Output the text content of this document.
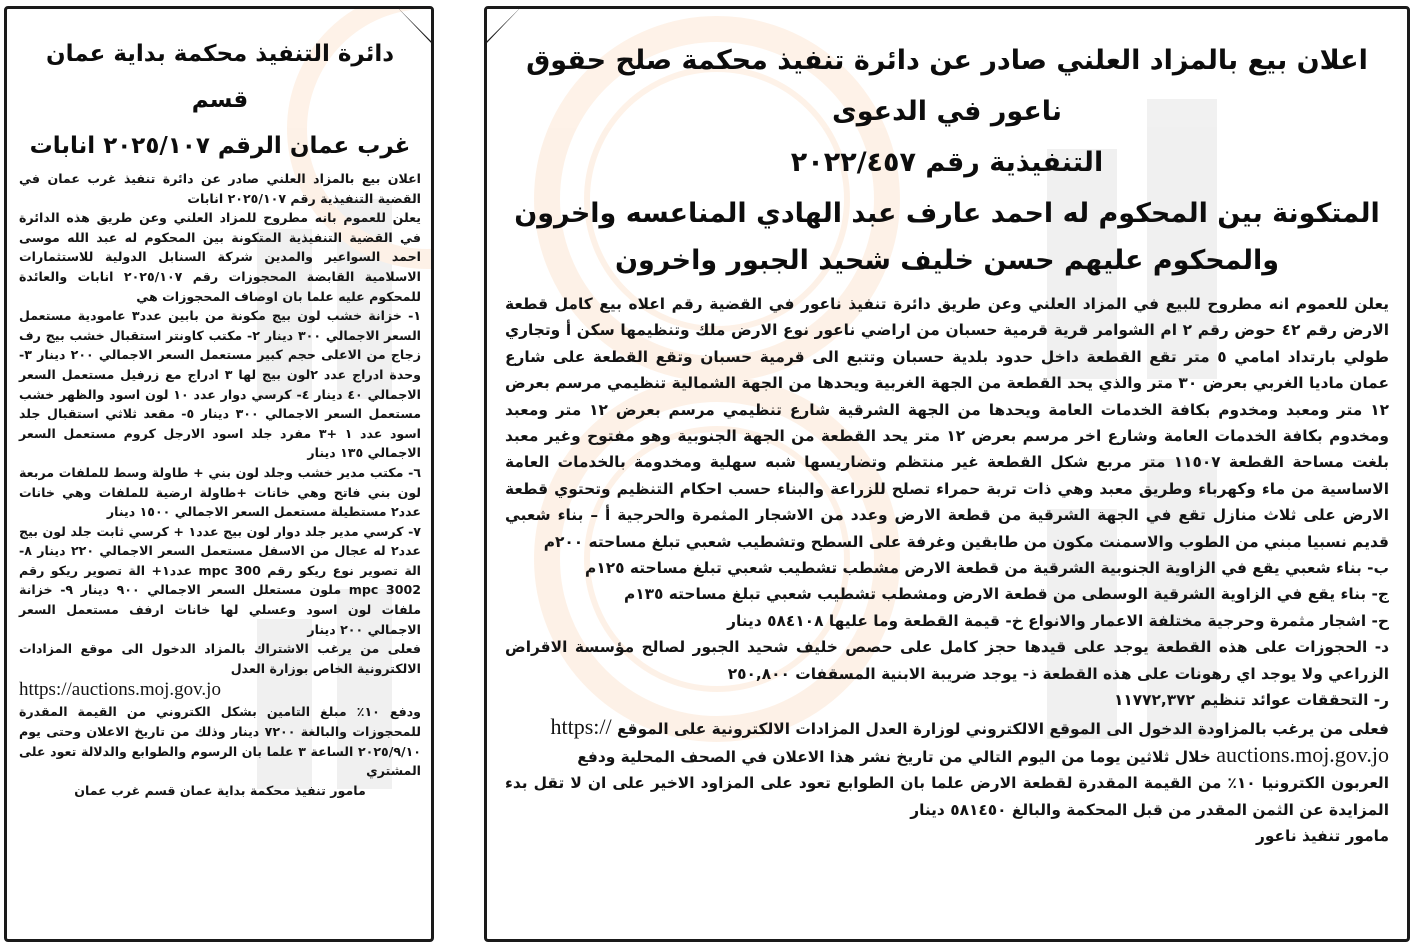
اعلان بيع بالمزاد العلني صادر عن دائرة تنفيذ محكمة صلح حقوق ناعور في الدعوى

التنفيذية رقم ٢٠٢٢/٤٥٧

المتكونة بين المحكوم له احمد عارف عبد الهادي المناعسه واخرون

والمحكوم عليهم حسن خليف شحيد الجبور واخرون

يعلن للعموم انه مطروح للبيع في المزاد العلني وعن طريق دائرة تنفيذ ناعور في القضية رقم اعلاه بيع كامل قطعة الارض رقم ٤٢ حوض رقم ٢ ام الشوامر قرية قرمية حسبان من اراضي ناعور نوع الارض ملك وتنظيمها سكن أ وتجاري طولي بارتداد امامي ٥ متر تقع القطعة داخل حدود بلدية حسبان وتتبع الى قرمية حسبان وتقع القطعة على شارع عمان ماديا الغربي بعرض ٣٠ متر والذي يحد القطعة من الجهة الغربية ويحدها من الجهة الشمالية تنظيمي مرسم بعرض ١٢ متر ومعبد ومخدوم بكافة الخدمات العامة ويحدها من الجهة الشرقية شارع تنظيمي مرسم بعرض ١٢ متر ومعبد ومخدوم بكافة الخدمات العامة وشارع اخر مرسم بعرض ١٢ متر يحد القطعة من الجهة الجنوبية وهو مفتوح وغير معبد بلغت مساحة القطعة ١١٥٠٧ متر مربع شكل القطعة غير منتظم وتضاريسها شبه سهلية ومخدومة بالخدمات العامة الاساسية من ماء وكهرباء وطريق معبد وهي ذات تربة حمراء تصلح للزراعة والبناء حسب احكام التنظيم وتحتوي قطعة الارض على ثلاث منازل تقع في الجهة الشرقية من قطعة الارض وعدد من الاشجار المثمرة والحرجية أ – بناء شعبي قديم نسبيا مبني من الطوب والاسمنت مكون من طابقين وغرفة على السطح وتشطيب شعبي تبلغ مساحته ٢٠٠م

ب- بناء شعبي يقع في الزاوية الجنوبية الشرقية من قطعة الارض مشطب تشطيب شعبي تبلغ مساحته ١٢٥م

ج- بناء يقع في الزاوية الشرقية الوسطى من قطعة الارض ومشطب تشطيب شعبي تبلغ مساحته ١٣٥م

ح- اشجار مثمرة وحرجية مختلفة الاعمار والانواع خ- قيمة القطعة وما عليها ٥٨٤١٠٨ دينار

د- الحجوزات على هذه القطعة يوجد على قيدها حجز كامل على حصص خليف شحيد الجبور لصالح مؤسسة الاقراض الزراعي ولا يوجد اي رهونات على هذه القطعة ذ- يوجد ضريبة الابنية المسقفات ٢٥٠,٨٠٠

ر- التحققات عوائد تنظيم ١١٧٧٢,٣٧٢

فعلى من يرغب بالمزاودة الدخول الى الموقع الالكتروني لوزارة العدل المزادات الالكترونية على الموقع https://

auctions.moj.gov.jo خلال ثلاثين يوما من اليوم التالي من تاريخ نشر هذا الاعلان في الصحف المحلية ودفع

العربون الكترونيا ١٠٪ من القيمة المقدرة لقطعة الارض علما بان الطوابع تعود على المزاود الاخير على ان لا تقل بدء المزايدة عن الثمن المقدر من قبل المحكمة والبالغ ٥٨١٤٥٠ دينار

مامور تنفيذ ناعور

دائرة التنفيذ محكمة بداية عمان قسم

غرب عمان الرقم ٢٠٢٥/١٠٧ انابات

اعلان بيع بالمزاد العلني صادر عن دائرة تنفيذ غرب عمان في القضية التنفيذية رقم ٢٠٢٥/١٠٧ انابات

يعلن للعموم بانه مطروح للمزاد العلني وعن طريق هذه الدائرة في القضية التنفيذية المتكونة بين المحكوم له عبد الله موسى احمد السواعير والمدين شركة السنابل الدولية للاستثمارات الاسلامية القابضة المحجوزات رقم ٢٠٢٥/١٠٧ انابات والعائدة للمحكوم عليه علما بان اوصاف المحجوزات هي

١- خزانة خشب لون بيج مكونة من بابين عدد٣ عامودية مستعمل السعر الاجمالي ٣٠٠ دينار ٢- مكتب كاونتر استقبال خشب بيج رف زجاج من الاعلى حجم كبير مستعمل السعر الاجمالي ٢٠٠ دينار ٣- وحدة ادراج عدد ٢لون بيج لها ٣ ادراج مع زرفيل مستعمل السعر الاجمالي ٤٠ دينار ٤- كرسي دوار عدد ١٠ لون اسود والظهر خشب مستعمل السعر الاجمالي ٣٠٠ دينار ٥- مقعد ثلاثي استقبال جلد اسود عدد ١ +٣ مفرد جلد اسود الارجل كروم مستعمل السعر الاجمالي ١٣٥ دينار

٦- مكتب مدير خشب وجلد لون بني + طاولة وسط للملفات مربعة لون بني فاتح وهي خانات +طاولة ارضية للملفات وهي خانات عدد٢ مستطيلة مستعمل السعر الاجمالي ١٥٠٠ دينار

٧- كرسي مدير جلد دوار لون بيج عدد١ + كرسي ثابت جلد لون بيج عدد٢ له عجال من الاسفل مستعمل السعر الاجمالي ٢٢٠ دينار ٨- الة تصوير نوع ريكو رقم mpc 300 عدد١+ الة تصوير ريكو رقم mpc 3002 ملون مستعلل السعر الاجمالي ٩٠٠ دينار ٩- خزانة ملفات لون اسود وعسلي لها خانات ارفف مستعمل السعر الاجمالي ٢٠٠ دينار

فعلى من يرغب الاشتراك بالمزاد الدخول الى موقع المزادات الالكترونية الخاص بوزارة العدل

https://auctions.moj.gov.jo

ودفع ١٠٪ مبلغ التامين بشكل الكتروني من القيمة المقدرة للمحجوزات والبالغة ٧٢٠٠ دينار وذلك من تاريخ الاعلان وحتى يوم ٢٠٢٥/٩/١٠ الساعة ٣ علما بان الرسوم والطوابع والدلالة تعود على المشتري

مامور تنفيذ محكمة بداية عمان قسم غرب عمان
